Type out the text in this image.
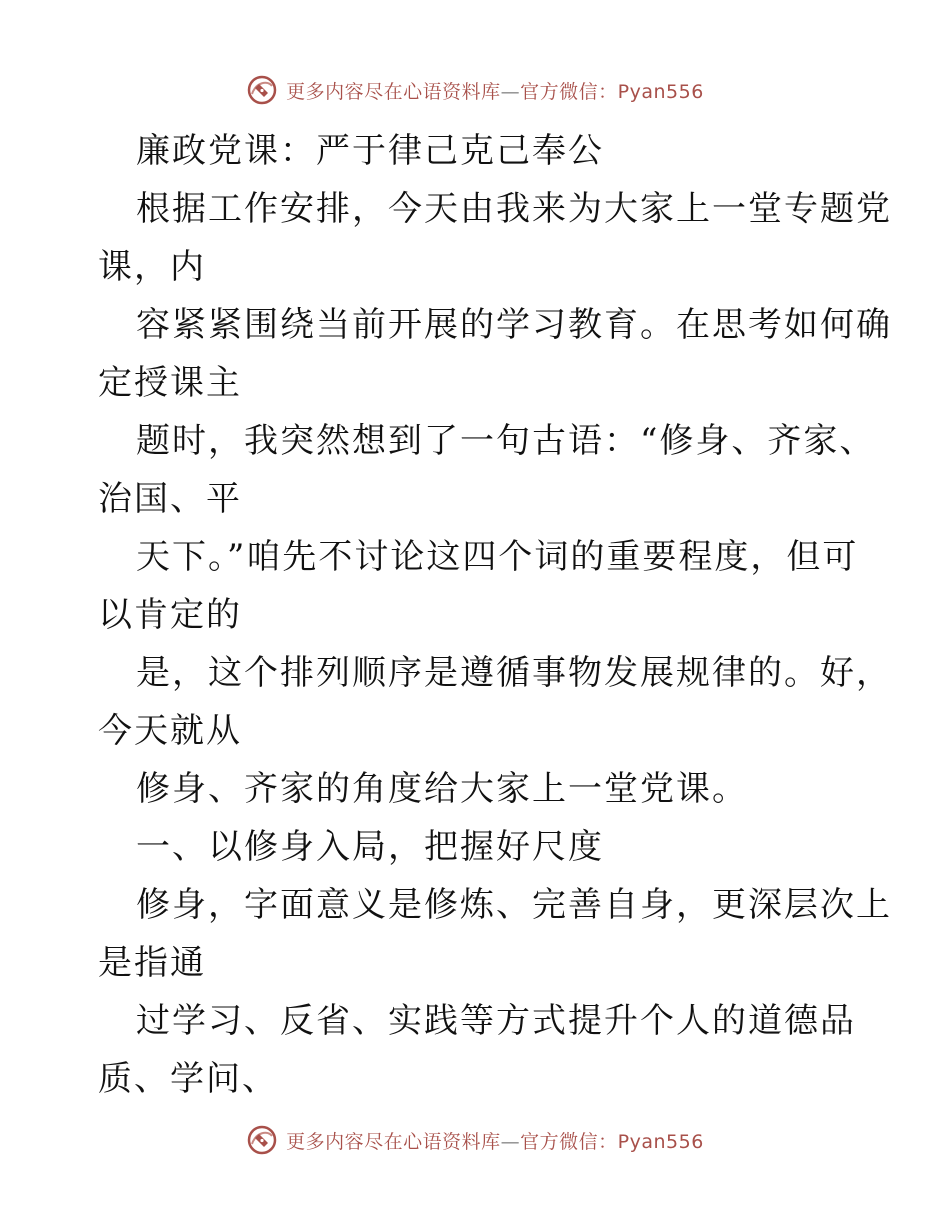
更多内容尽在心语资料库—官方微信：Pyan556
廉政党课：严于律己克己奉公
根据工作安排，今天由我来为大家上一堂专题党
课，内
容紧紧围绕当前开展的学习教育。在思考如何确
定授课主
题时，我突然想到了一句古语：“修身、齐家、
治国、平
天下。”咱先不讨论这四个词的重要程度，但可
以肯定的
是，这个排列顺序是遵循事物发展规律的。好，
今天就从
修身、齐家的角度给大家上一堂党课。
一、以修身入局，把握好尺度
修身，字面意义是修炼、完善自身，更深层次上
是指通
过学习、反省、实践等方式提升个人的道德品
质、学问、
更多内容尽在心语资料库—官方微信：Pyan556
